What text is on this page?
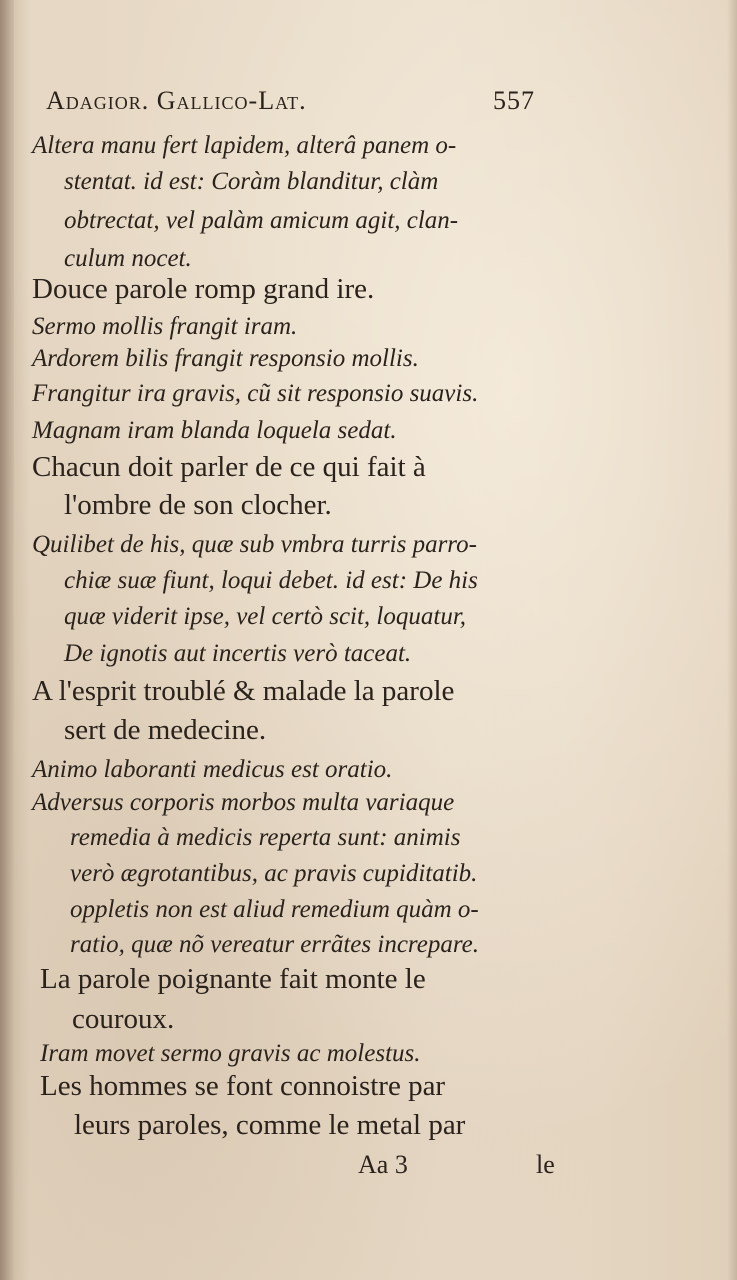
Adagior. Gallico-Lat.	557
Altera manu fert lapidem, alterâ panem o-
stentat. id est: Coràm blanditur, clàm
obtrectat, vel palàm amicum agit, clan-
culum nocet.
Douce parole romp grand ire.
Sermo mollis frangit iram.
Ardorem bilis frangit responsio mollis.
Frangitur ira gravis, cũ sit responsio suavis.
Magnam iram blanda loquela sedat.
Chacun doit parler de ce qui fait à
l'ombre de son clocher.
Quilibet de his, quæ sub vmbra turris parro-
chiæ suæ fiunt, loqui debet. id est: De his
quæ viderit ipse, vel certò scit, loquatur,
De ignotis aut incertis verò taceat.
A l'esprit troublé & malade la parole
sert de medecine.
Animo laboranti medicus est oratio.
Adversus corporis morbos multa variaque
remedia à medicis reperta sunt: animis
verò ægrotantibus, ac pravis cupiditatib.
oppletis non est aliud remedium quàm o-
ratio, quæ nõ vereatur errãtes increpare.
La parole poignante fait monte le
couroux.
Iram movet sermo gravis ac molestus.
Les hommes se font connoistre par
leurs paroles, comme le metal par
Aa 3	le
